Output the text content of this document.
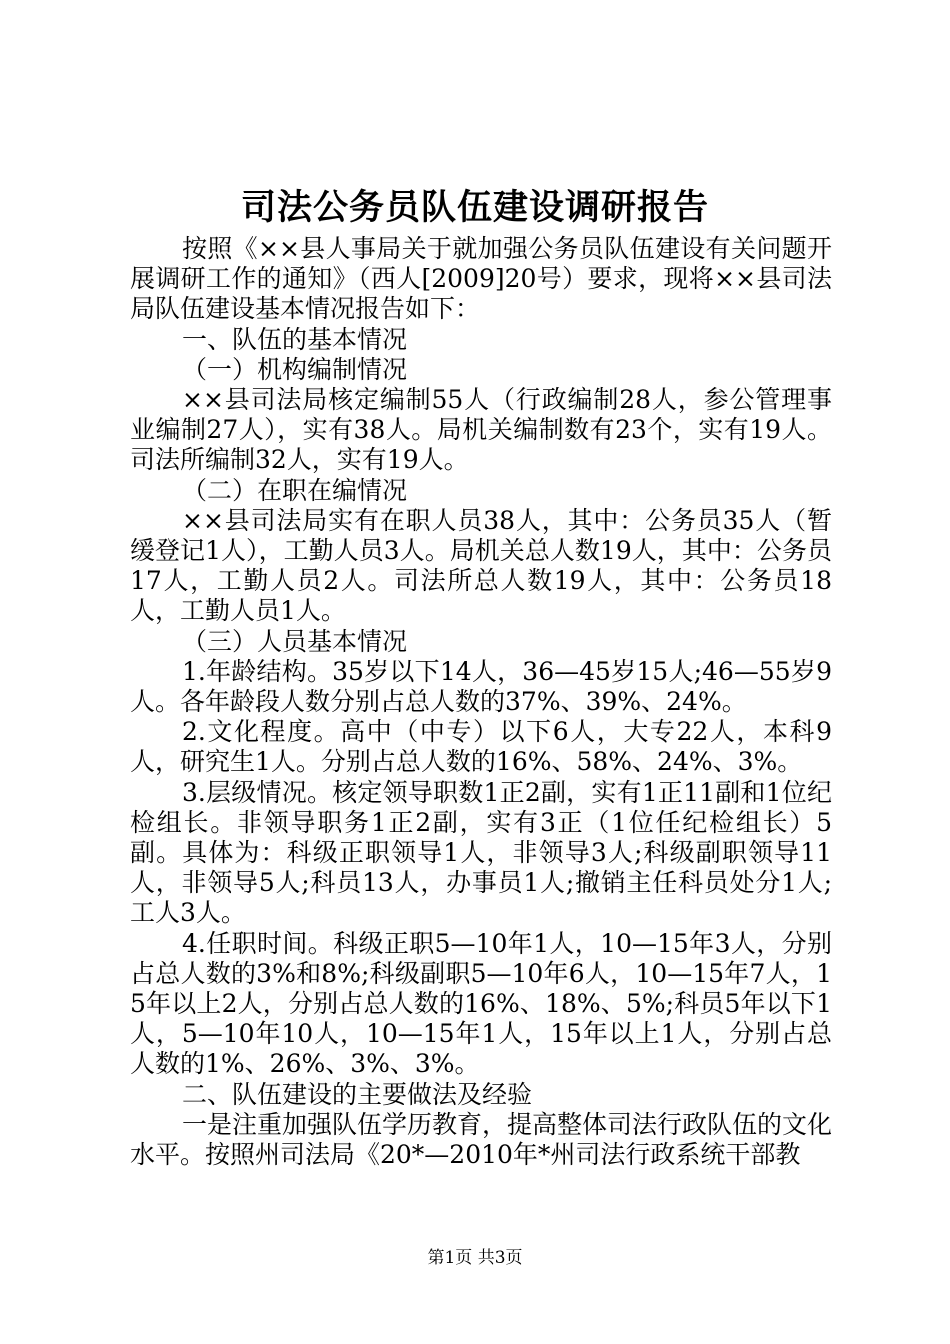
司法公务员队伍建设调研报告

按照《××县人事局关于就加强公务员队伍建设有关问题开展调研工作的通知》（西人[2009]20号）要求，现将××县司法局队伍建设基本情况报告如下：

一、队伍的基本情况

（一）机构编制情况

××县司法局核定编制55人（行政编制28人，参公管理事业编制27人），实有38人。局机关编制数有23个，实有19人。司法所编制32人，实有19人。

（二）在职在编情况

××县司法局实有在职人员38人，其中：公务员35人（暂缓登记1人），工勤人员3人。局机关总人数19人，其中：公务员17人，工勤人员2人。司法所总人数19人，其中：公务员18人，工勤人员1人。

（三）人员基本情况

1.年龄结构。35岁以下14人，36—45岁15人;46—55岁9人。各年龄段人数分别占总人数的37%、39%、24%。

2.文化程度。高中（中专）以下6人，大专22人，本科9人，研究生1人。分别占总人数的16%、58%、24%、3%。

3.层级情况。核定领导职数1正2副，实有1正11副和1位纪检组长。非领导职务1正2副，实有3正（1位任纪检组长）5副。具体为：科级正职领导1人，非领导3人;科级副职领导11人，非领导5人;科员13人，办事员1人;撤销主任科员处分1人;工人3人。

4.任职时间。科级正职5—10年1人，10—15年3人，分别占总人数的3%和8%;科级副职5—10年6人，10—15年7人，15年以上2人，分别占总人数的16%、18%、5%;科员5年以下1人，5—10年10人，10—15年1人，15年以上1人，分别占总人数的1%、26%、3%、3%。

二、队伍建设的主要做法及经验

一是注重加强队伍学历教育，提高整体司法行政队伍的文化水平。按照州司法局《20*—2010年*州司法行政系统干部教

第1页 共3页
